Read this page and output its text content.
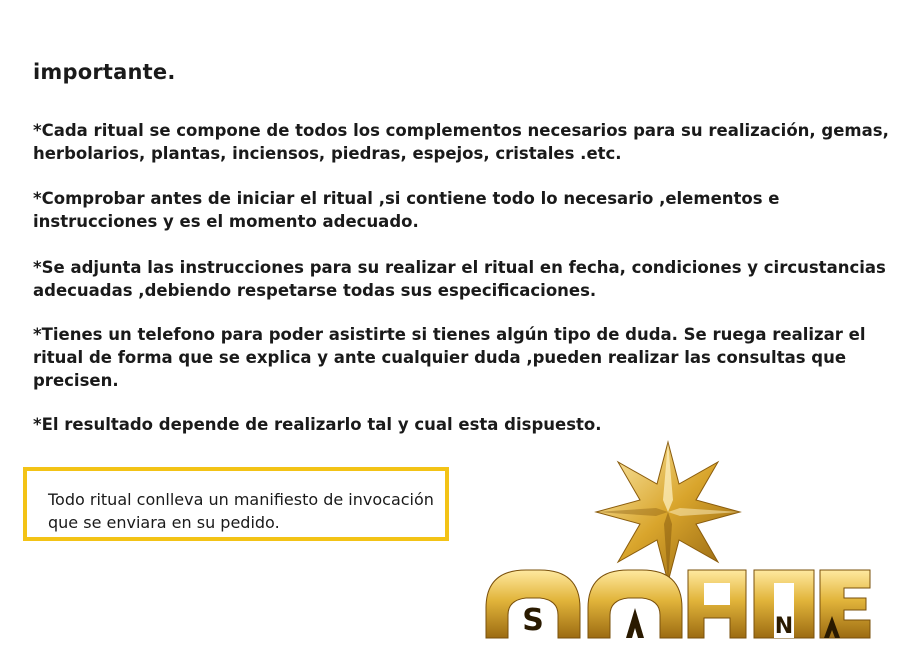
importante.
*Cada ritual se compone de todos los complementos necesarios para su realización, gemas, herbolarios, plantas, inciensos, piedras, espejos, cristales .etc.
*Comprobar antes de iniciar el ritual ,si contiene todo lo necesario ,elementos e instrucciones y es el momento adecuado.
*Se adjunta las instrucciones para su realizar el ritual en fecha, condiciones y circustancias adecuadas ,debiendo respetarse todas sus especificaciones.
*Tienes un telefono para poder asistirte si tienes algún tipo de duda. Se ruega realizar el ritual de forma que se explica y ante cualquier duda ,pueden realizar las consultas que precisen.
*El resultado depende de realizarlo tal y cual esta dispuesto.
Todo ritual conlleva un manifiesto de invocación que se enviara en su pedido.
S	N
